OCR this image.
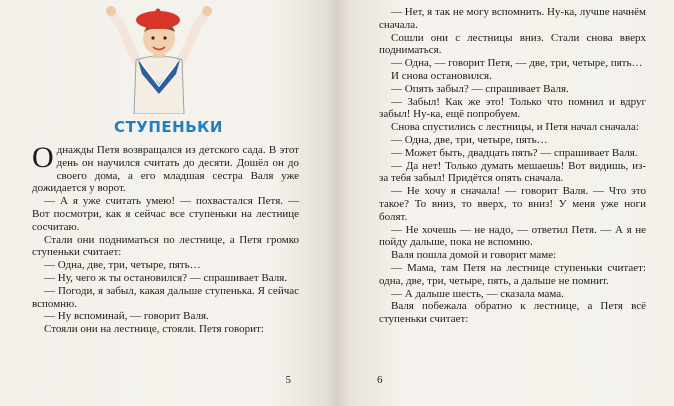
СТУПЕНЬКИ

Однажды Петя возвращался из детского сада. В этот день он научился считать до десяти. Дошёл он до своего дома, а его младшая сестра Валя уже дожидается у ворот.

— А я уже считать умею! — похвастался Петя. — Вот посмотри, как я сейчас все ступеньки на лестнице сосчитаю.

Стали они подниматься по лестнице, а Петя громко ступеньки считает:

— Одна, две, три, четыре, пять…

— Ну, чего ж ты остановился? — спрашивает Валя.

— Погоди, я забыл, какая дальше ступенька. Я сейчас вспомню.

— Ну вспоминай, — говорит Валя.

Стояли они на лестнице, стояли. Петя говорит:

5

— Нет, я так не могу вспомнить. Ну-ка, лучше начнём сначала.

Сошли они с лестницы вниз. Стали снова вверх подниматься.

— Одна, — говорит Петя, — две, три, четыре, пять…

И снова остановился.

— Опять забыл? — спрашивает Валя.

— Забыл! Как же это! Только что помнил и вдруг забыл! Ну-ка, ещё попробуем.

Снова спустились с лестницы, и Петя начал сначала:

— Одна, две, три, четыре, пять…

— Может быть, двадцать пять? — спрашивает Валя.

— Да нет! Только думать мешаешь! Вот видишь, из-за тебя забыл! Придётся опять сначала.

— Не хочу я сначала! — говорит Валя. — Что это такое? То вниз, то вверх, то вниз! У меня уже ноги болят.

— Не хочешь — не надо, — ответил Петя. — А я не пойду дальше, пока не вспомню.

Валя пошла домой и говорит маме:

— Мама, там Петя на лестнице ступеньки считает: одна, две, три, четыре, пять, а дальше не помнит.

— А дальше шесть, — сказала мама.

Валя побежала обратно к лестнице, а Петя всё ступеньки считает:

6
